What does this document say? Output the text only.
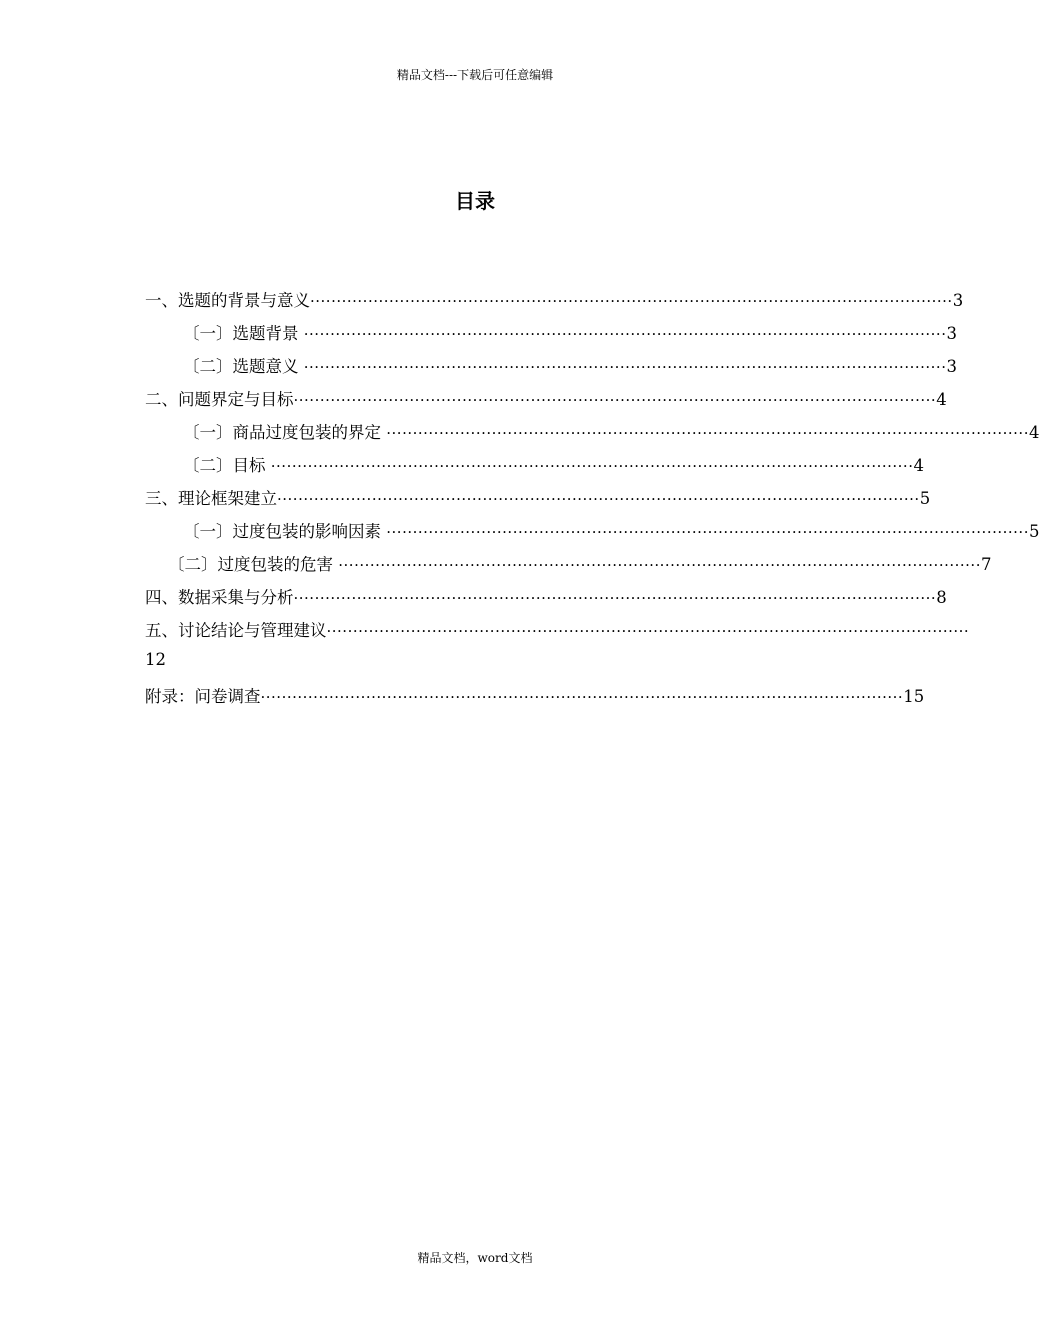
精品文档---下载后可任意编辑
目录
一、选题的背景与意义 ·························································································································· 3
〔一〕选题背景 ·························································································································· 3
〔二〕选题意义 ·························································································································· 3
二、问题界定与目标 ·························································································································· 4
〔一〕商品过度包装的界定 ·························································································································· 4
〔二〕目标 ·························································································································· 4
三、理论框架建立 ·························································································································· 5
〔一〕过度包装的影响因素 ·························································································································· 5
〔二〕过度包装的危害 ·························································································································· 7
四、数据采集与分析 ·························································································································· 8
五、讨论结论与管理建议 ··························································································································
12
附录：问卷调查 ·························································································································· 15
精品文档，word文档
